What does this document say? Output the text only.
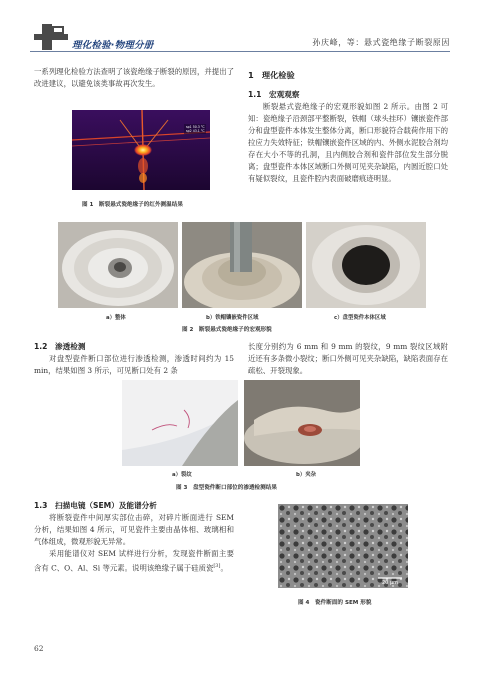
理化检验·物理分册	孙庆峰，等：悬式瓷绝缘子断裂原因
一系列理化检验方法查明了该瓷绝缘子断裂的原因，并提出了改进建议，以避免该类事故再次发生。
sp1 50.3 °C
sp2 43.1 °C
图 1　断裂悬式瓷绝缘子的红外测温结果
1　理化检验
1.1　宏观观察
断裂悬式瓷绝缘子的宏观形貌如图 2 所示。由图 2 可知：瓷绝缘子沿颈部平整断裂，铁帽（球头挂环）镶嵌瓷件部分和盘型瓷件本体发生整体分离，断口形貌符合载荷作用下的拉应力失效特征；铁帽镶嵌瓷件区域的内、外侧水泥胶合剂均存在大小不等的孔洞，且内侧胶合剂和瓷件部位发生部分脱离；盘型瓷件本体区域断口外侧可见夹杂缺陷，内圆近腔口处有疑似裂纹，且瓷件腔内表面破磨痕迹明显。
a）整体	b）铁帽镶嵌瓷件区域	c）盘型瓷件本体区域
图 2　断裂悬式瓷绝缘子的宏观形貌
1.2　渗透检测
对盘型瓷件断口部位进行渗透检测，渗透时间约为 15 min，结果如图 3 所示，可见断口处有 2 条
长度分别约为 6 mm 和 9 mm 的裂纹，9 mm 裂纹区域附近还有多条微小裂纹；断口外侧可见夹杂缺陷，缺陷表面存在疏松、开裂现象。
a）裂纹	b）夹杂
图 3　盘型瓷件断口部位的渗透检测结果
1.3　扫描电镜（SEM）及能谱分析
将断裂瓷件中间厚实部位击碎，对碎片断面进行 SEM 分析，结果如图 4 所示，可见瓷件主要由晶体相、玻璃相和气体组成，微观形貌无异常。
采用能谱仪对 SEM 试样进行分析，发现瓷件断面主要含有 C、O、Al、Si 等元素。说明该绝缘子属于硅质瓷[3]。
20 μm
图 4　瓷件断面的 SEM 形貌
62
